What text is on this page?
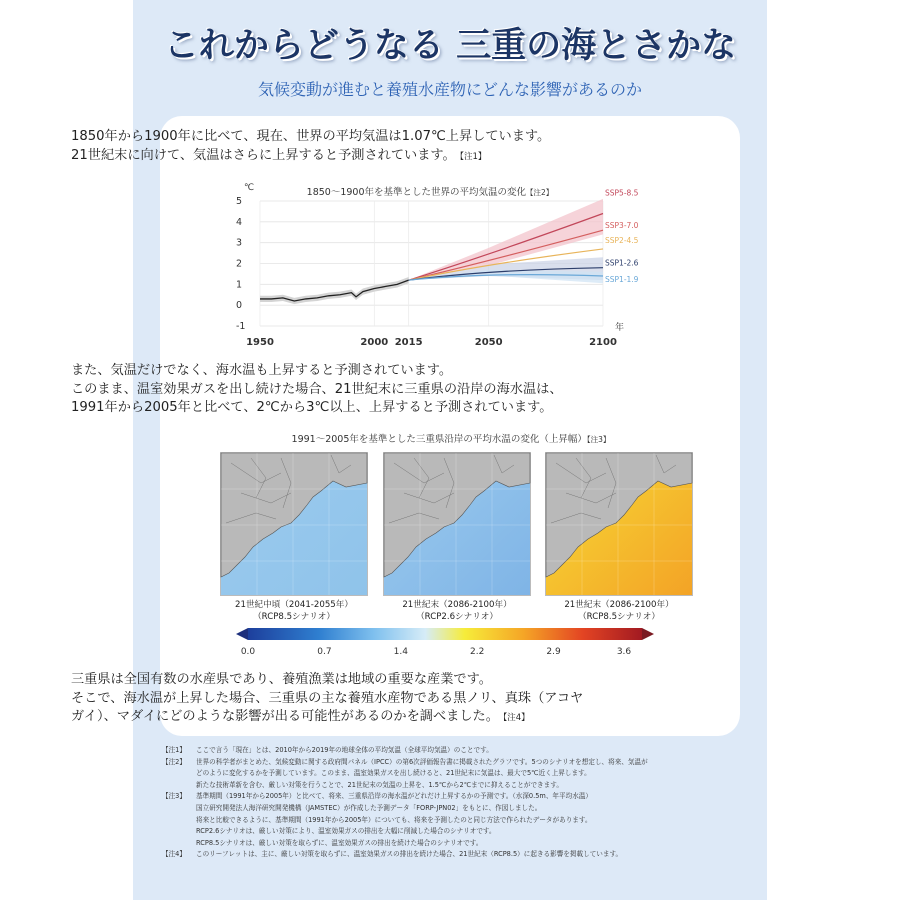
これからどうなる 三重の海とさかな
気候変動が進むと養殖水産物にどんな影響があるのか
1850年から1900年に比べて、現在、世界の平均気温は1.07℃上昇しています。
21世紀末に向けて、気温はさらに上昇すると予測されています。 【注1】
1850～1900年を基準とした世界の平均気温の変化【注2】
-1
0
1
2
3
4
5
1950	2000 2015	2050	2100
℃
年
SSP5-8.5
SSP3-7.0
SSP2-4.5
SSP1-2.6
SSP1-1.9
また、気温だけでなく、海水温も上昇すると予測されています。
このまま、温室効果ガスを出し続けた場合、21世紀末に三重県の沿岸の海水温は、
1991年から2005年と比べて、2℃から3℃以上、上昇すると予測されています。
1991～2005年を基準とした三重県沿岸の平均水温の変化（上昇幅）【注3】
21世紀中頃（2041-2055年）
（RCP8.5シナリオ）
21世紀末（2086-2100年）
（RCP2.6シナリオ）
21世紀末（2086-2100年）
（RCP8.5シナリオ）
0.0	0.7	1.4	2.2	2.9	3.6
三重県は全国有数の水産県であり、養殖漁業は地域の重要な産業です。
そこで、海水温が上昇した場合、三重県の主な養殖水産物である黒ノリ、真珠（アコヤ
ガイ）、マダイにどのような影響が出る可能性があるのかを調べました。 【注4】
【注1】	ここで言う「現在」とは、2010年から2019年の地球全体の平均気温（全球平均気温）のことです。
【注2】	世界の科学者がまとめた、気候変動に関する政府間パネル（IPCC）の第6次評価報告書に掲載されたグラフです。5つのシナリオを想定し、将来、気温が
どのように変化するかを予測しています。このまま、温室効果ガスを出し続けると、21世紀末に気温は、最大で5℃近く上昇します。
新たな技術革新を含む、厳しい対策を行うことで、21世紀末の気温の上昇を、1.5℃から2℃までに抑えることができます。
【注3】	基準期間（1991年から2005年）と比べて、将来、三重県沿岸の海水温がどれだけ上昇するかの予測です。（水深0.5m、年平均水温）
国立研究開発法人海洋研究開発機構（JAMSTEC）が作成した予測データ「FORP-JPN02」をもとに、作図しました。
将来と比較できるように、基準期間（1991年から2005年）についても、将来を予測したのと同じ方法で作られたデータがあります。
RCP2.6シナリオは、厳しい対策により、温室効果ガスの排出を大幅に削減した場合のシナリオです。
RCP8.5シナリオは、厳しい対策を取らずに、温室効果ガスの排出を続けた場合のシナリオです。
【注4】	このリーフレットは、主に、厳しい対策を取らずに、温室効果ガスの排出を続けた場合、21世紀末（RCP8.5）に起きる影響を掲載しています。
